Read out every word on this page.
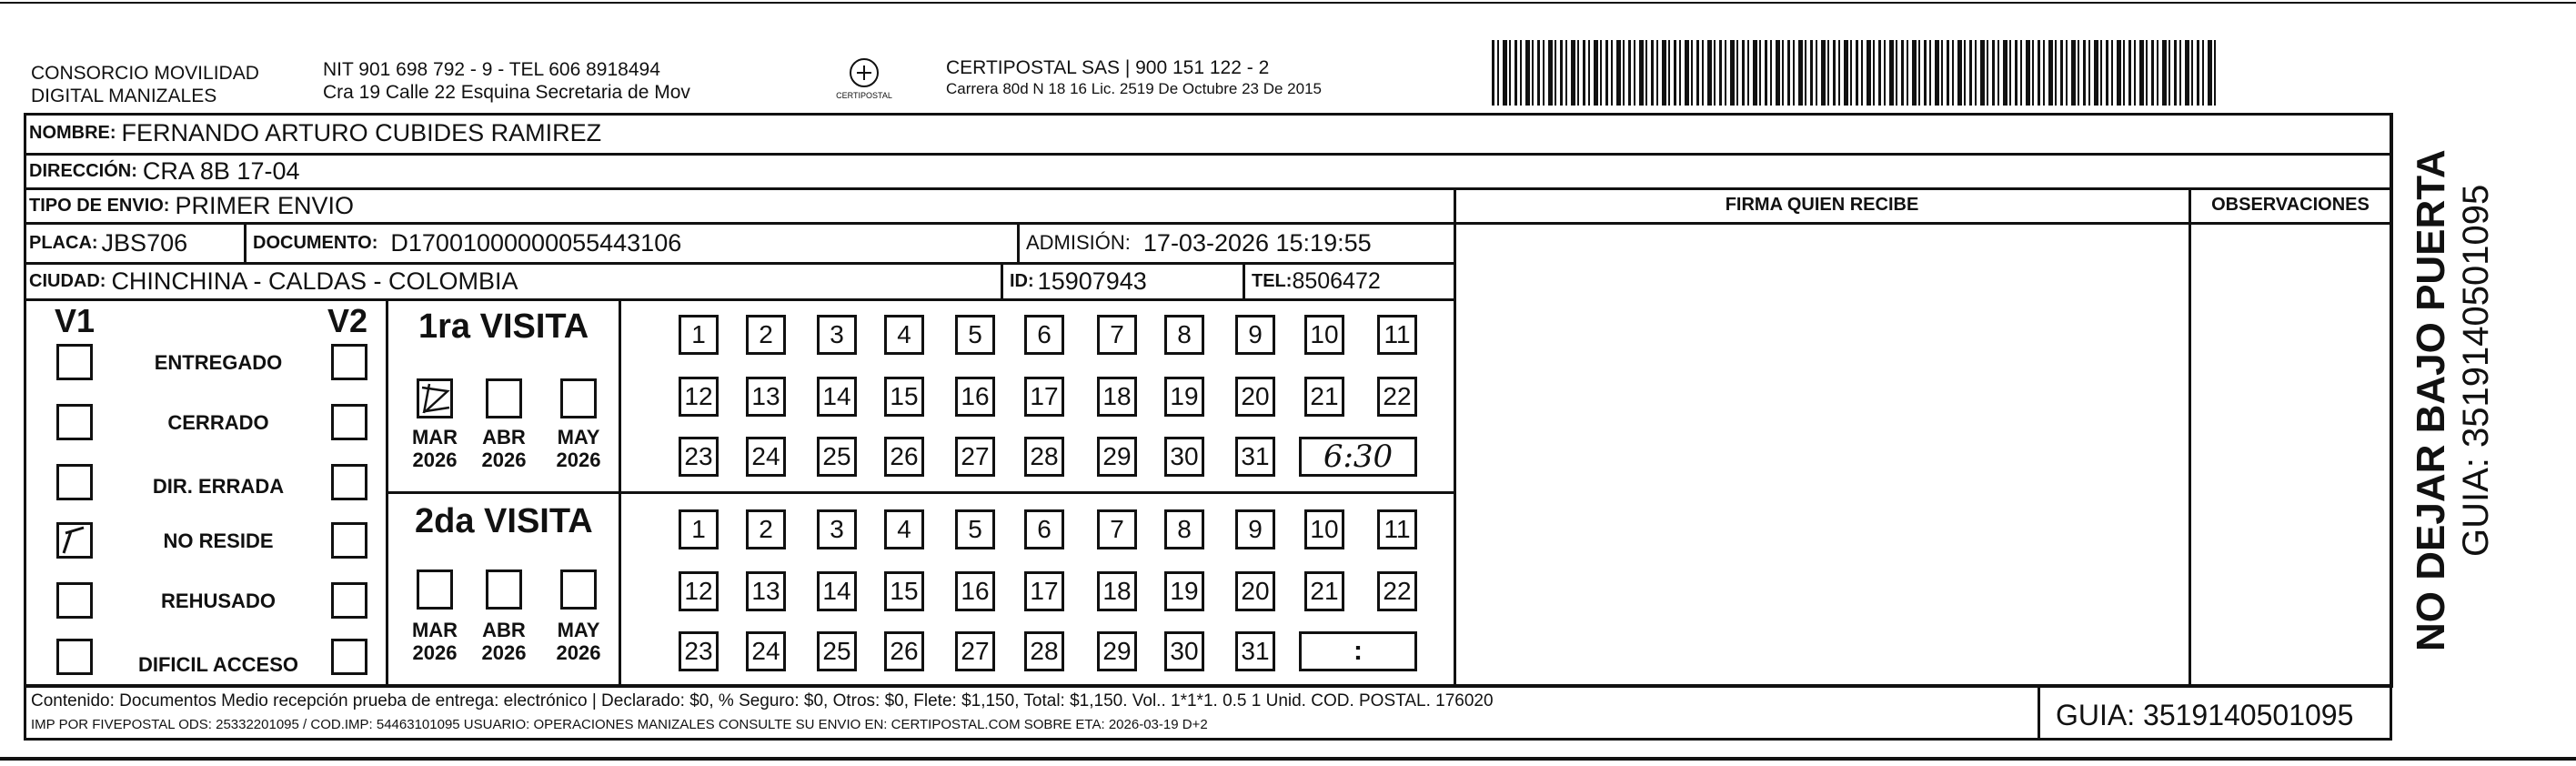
CONSORCIO MOVILIDAD
DIGITAL MANIZALES
NIT 901 698 792 - 9 - TEL 606 8918494
Cra 19 Calle 22 Esquina Secretaria de Mov	CERTIPOSTAL
CERTIPOSTAL SAS | 900 151 122 - 2
Carrera 80d N 18 16 Lic. 2519 De Octubre 23 De 2015
NOMBRE: FERNANDO ARTURO CUBIDES RAMIREZ
DIRECCIÓN: CRA 8B 17-04
TIPO DE ENVIO: PRIMER ENVIO	FIRMA QUIEN RECIBE	OBSERVACIONES
PLACA: JBS706	DOCUMENTO: D17001000000055443106	ADMISIÓN: 17-03-2026 15:19:55
CIUDAD: CHINCHINA - CALDAS - COLOMBIA	ID: 15907943	TEL: 8506472
V1	V2
ENTREGADO
CERRADO
DIR. ERRADA
NO RESIDE
REHUSADO
DIFICIL ACCESO
1ra VISITA
MAR
2026
ABR
2026
MAY
2026
1	2	3	4	5	6	7	8	9	10 11
12 13 14 15 16 17 18 19 20 21 22
23 24 25 26 27 28 29 30 31
2da VISITA
MAR
2026
ABR
2026
MAY
2026
1	2	3	4	5	6	7	8	9	10 11
12 13 14 15 16 17 18 19 20 21 22
23 24 25 26 27 28 29 30 31
6:30
:
Contenido: Documentos Medio recepción prueba de entrega: electrónico | Declarado: $0, % Seguro: $0, Otros: $0, Flete: $1,150, Total: $1,150. Vol.. 1*1*1. 0.5 1 Unid. COD. POSTAL. 176020
IMP POR FIVEPOSTAL ODS: 25332201095 / COD.IMP: 54463101095 USUARIO: OPERACIONES MANIZALES CONSULTE SU ENVIO EN: CERTIPOSTAL.COM SOBRE ETA: 2026-03-19 D+2	GUIA: 3519140501095
NO DEJAR BAJO PUERTA GUIA: 3519140501095
